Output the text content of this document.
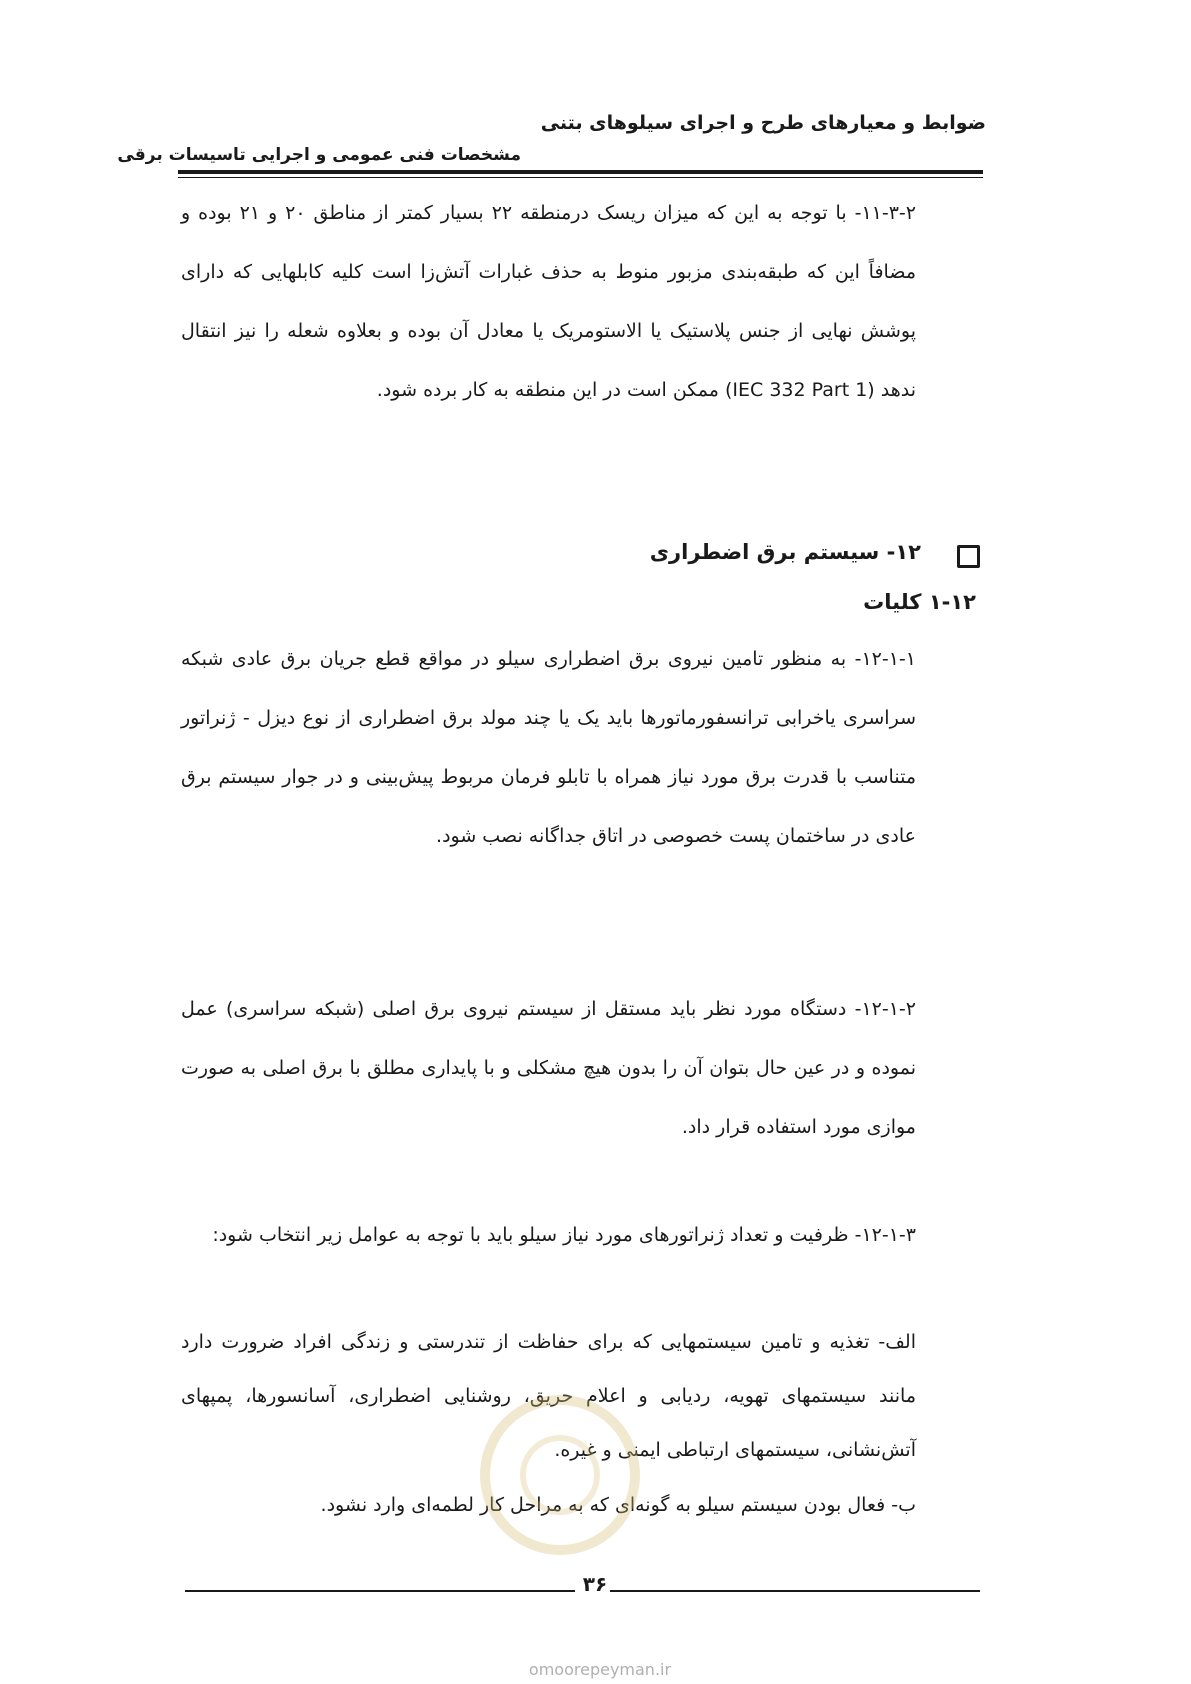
ضوابط و معیارهای طرح و اجرای سیلوهای بتنی
مشخصات فنی عمومی و اجرایی تاسیسات برقی

۱۱-۳-۲- با توجه به این که میزان ریسک درمنطقه ۲۲ بسیار کمتر از مناطق ۲۰ و ۲۱ بوده و مضافاً این که طبقه‌بندی مزبور منوط به حذف غبارات آتش‌زا است کلیه کابلهایی که دارای پوشش نهایی از جنس پلاستیک یا الاستومریک یا معادل آن بوده و بعلاوه شعله را نیز انتقال ندهد (IEC 332 Part 1) ممکن است در این منطقه به کار برده شود.

۱۲- سیستم برق اضطراری
۱-۱۲ کلیات

۱۲-۱-۱- به منظور تامین نیروی برق اضطراری سیلو در مواقع قطع جریان برق عادی شبکه سراسری یاخرابی ترانسفورماتورها باید یک یا چند مولد برق اضطراری از نوع دیزل - ژنراتور متناسب با قدرت برق مورد نیاز همراه با تابلو فرمان مربوط پیش‌بینی و در جوار سیستم برق عادی در ساختمان پست خصوصی در اتاق جداگانه نصب شود.

۱۲-۱-۲- دستگاه مورد نظر باید مستقل از سیستم نیروی برق اصلی (شبکه سراسری) عمل نموده و در عین حال بتوان آن را بدون هیچ مشکلی و با پایداری مطلق با برق اصلی به صورت موازی مورد استفاده قرار داد.

۱۲-۱-۳- ظرفیت و تعداد ژنراتورهای مورد نیاز سیلو باید با توجه به عوامل زیر انتخاب شود:

الف- تغذیه و تامین سیستمهایی که برای حفاظت از تندرستی و زندگی افراد ضرورت دارد مانند سیستمهای تهویه، ردیابی و اعلام حریق، روشنایی اضطراری، آسانسورها، پمپهای آتش‌نشانی، سیستمهای ارتباطی ایمنی و غیره.

ب- فعال بودن سیستم سیلو به گونه‌ای که به مراحل کار لطمه‌ای وارد نشود.

۳۶
omoorepeyman.ir
